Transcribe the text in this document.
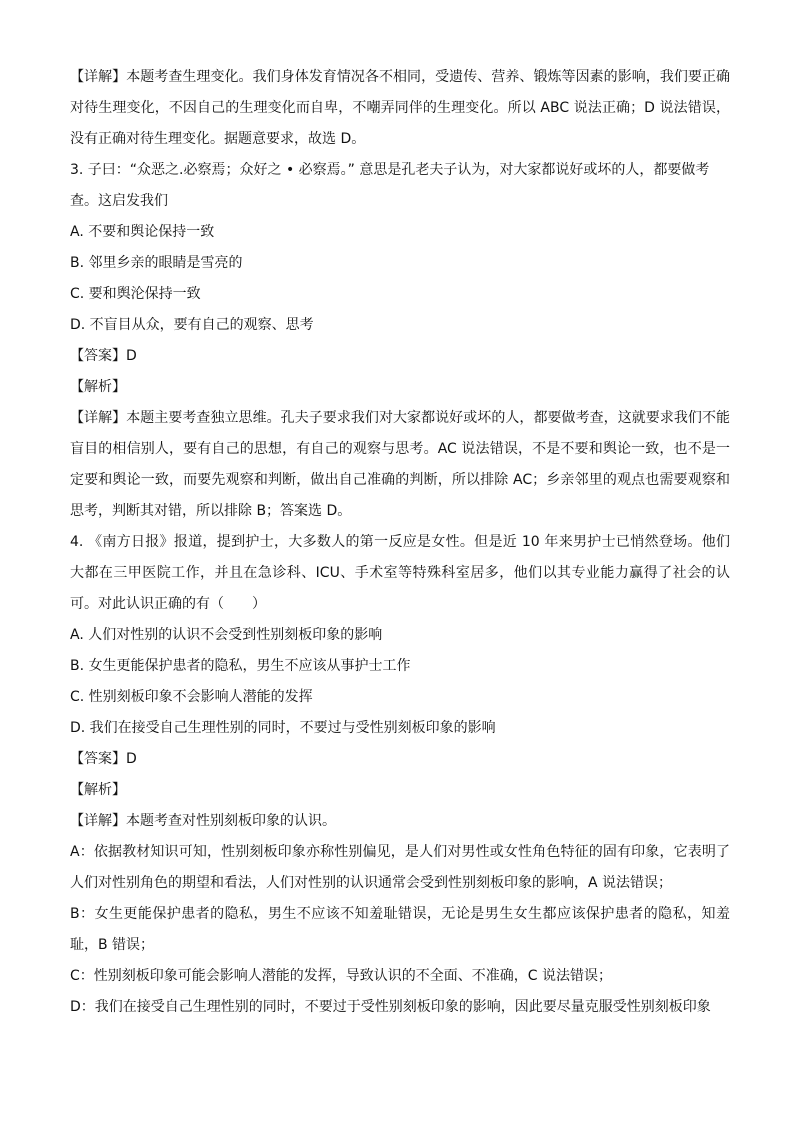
【详解】本题考查生理变化。我们身体发育情况各不相同，受遗传、营养、锻炼等因素的影响，我们要正确对待生理变化，不因自己的生理变化而自卑，不嘲弄同伴的生理变化。所以 ABC 说法正确；D 说法错误，没有正确对待生理变化。据题意要求，故选 D。

3. 子曰：“众恶之.必察焉；众好之 • 必察焉。” 意思是孔老夫子认为，对大家都说好或坏的人，都要做考

查。这启发我们

A. 不要和舆论保持一致

B. 邻里乡亲的眼睛是雪亮的

C. 要和舆沦保持一致

D. 不盲目从众，要有自己的观察、思考

【答案】D

【解析】

【详解】本题主要考查独立思维。孔夫子要求我们对大家都说好或坏的人，都要做考查，这就要求我们不能盲目的相信别人，要有自己的思想，有自己的观察与思考。AC 说法错误，不是不要和舆论一致，也不是一定要和舆论一致，而要先观察和判断，做出自己准确的判断，所以排除 AC；乡亲邻里的观点也需要观察和思考，判断其对错，所以排除 B；答案选 D。

4. 《南方日报》报道，提到护士，大多数人的第一反应是女性。但是近 10 年来男护士已悄然登场。他们大都在三甲医院工作，并且在急诊科、ICU、手术室等特殊科室居多，他们以其专业能力赢得了社会的认可。对此认识正确的有（　　）

A. 人们对性别的认识不会受到性别刻板印象的影响

B. 女生更能保护患者的隐私，男生不应该从事护士工作

C. 性别刻板印象不会影响人潜能的发挥

D. 我们在接受自己生理性别的同时，不要过与受性别刻板印象的影响

【答案】D

【解析】

【详解】本题考查对性别刻板印象的认识。

A：依据教材知识可知，性别刻板印象亦称性别偏见，是人们对男性或女性角色特征的固有印象，它表明了人们对性别角色的期望和看法，人们对性别的认识通常会受到性别刻板印象的影响，A 说法错误；

B：女生更能保护患者的隐私，男生不应该不知羞耻错误，无论是男生女生都应该保护患者的隐私，知羞耻，B 错误；

C：性别刻板印象可能会影响人潜能的发挥，导致认识的不全面、不准确，C 说法错误；

D：我们在接受自己生理性别的同时，不要过于受性别刻板印象的影响，因此要尽量克服受性别刻板印象
